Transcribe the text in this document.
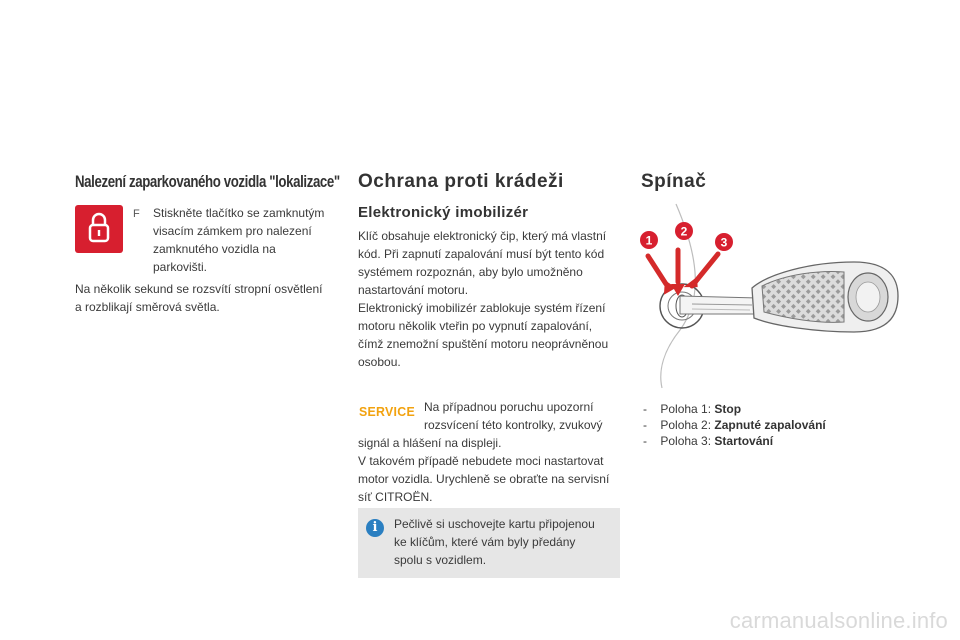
Nalezení zaparkovaného vozidla "lokalizace"
F Stiskněte tlačítko se zamknutým
visacím zámkem pro nalezení
zamknutého vozidla na
parkovišti.
Na několik sekund se rozsvítí stropní osvětlení
a rozblikají směrová světla.
Ochrana proti krádeži
Elektronický imobilizér
Klíč obsahuje elektronický čip, který má vlastní
kód. Při zapnutí zapalování musí být tento kód
systémem rozpoznán, aby bylo umožněno
nastartování motoru.
Elektronický imobilizér zablokuje systém řízení
motoru několik vteřin po vypnutí zapalování,
čímž znemožní spuštění motoru neoprávněnou
osobou.
SERVICE Na případnou poruchu upozorní
rozsvícení této kontrolky, zvukový
signál a hlášení na displeji.
V takovém případě nebudete moci nastartovat
motor vozidla. Urychleně se obraťte na servisní
síť CITROËN.
i	Pečlivě si uschovejte kartu připojenou
ke klíčům, které vám byly předány
spolu s vozidlem.
Spínač
1
2
3
- Poloha 1: Stop
- Poloha 2: Zapnuté zapalování
- Poloha 3: Startování
carmanualsonline.info
